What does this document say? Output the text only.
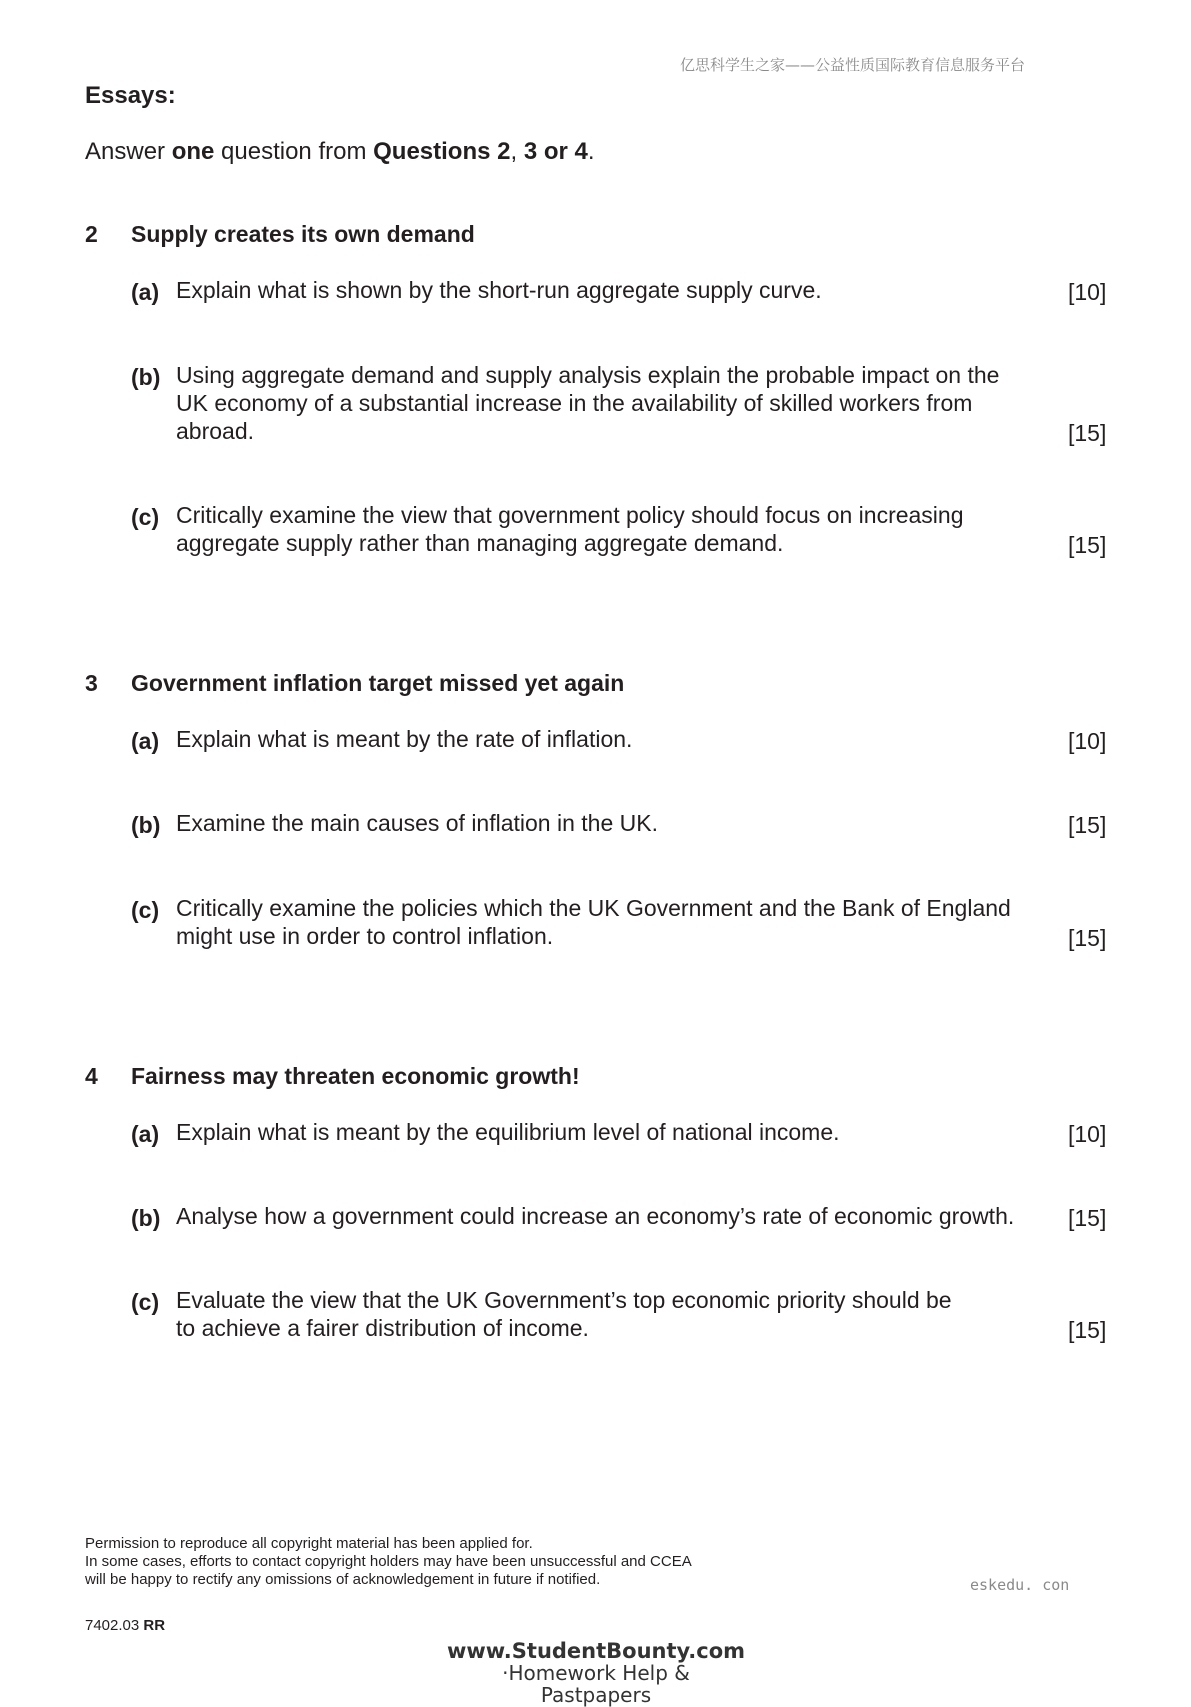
亿思科学生之家——公益性质国际教育信息服务平台
Essays:
Answer one question from Questions 2, 3 or 4.
2 Supply creates its own demand
(a) Explain what is shown by the short-run aggregate supply curve.	[10]
(b) Using aggregate demand and supply analysis explain the probable impact on the
UK economy of a substantial increase in the availability of skilled workers from
abroad.	[15]
(c) Critically examine the view that government policy should focus on increasing
aggregate supply rather than managing aggregate demand.	[15]
3 Government inflation target missed yet again
(a) Explain what is meant by the rate of inflation.	[10]
(b) Examine the main causes of inflation in the UK.	[15]
(c) Critically examine the policies which the UK Government and the Bank of England
might use in order to control inflation.	[15]
4 Fairness may threaten economic growth!
(a) Explain what is meant by the equilibrium level of national income.	[10]
(b) Analyse how a government could increase an economy’s rate of economic growth.	[15]
(c) Evaluate the view that the UK Government’s top economic priority should be
to achieve a fairer distribution of income.	[15]
Permission to reproduce all copyright material has been applied for.
In some cases, efforts to contact copyright holders may have been unsuccessful and CCEA
will be happy to rectify any omissions of acknowledgement in future if notified.	eskedu. con
7402.03 RR
www.StudentBounty.com
·Homework Help & Pastpapers
